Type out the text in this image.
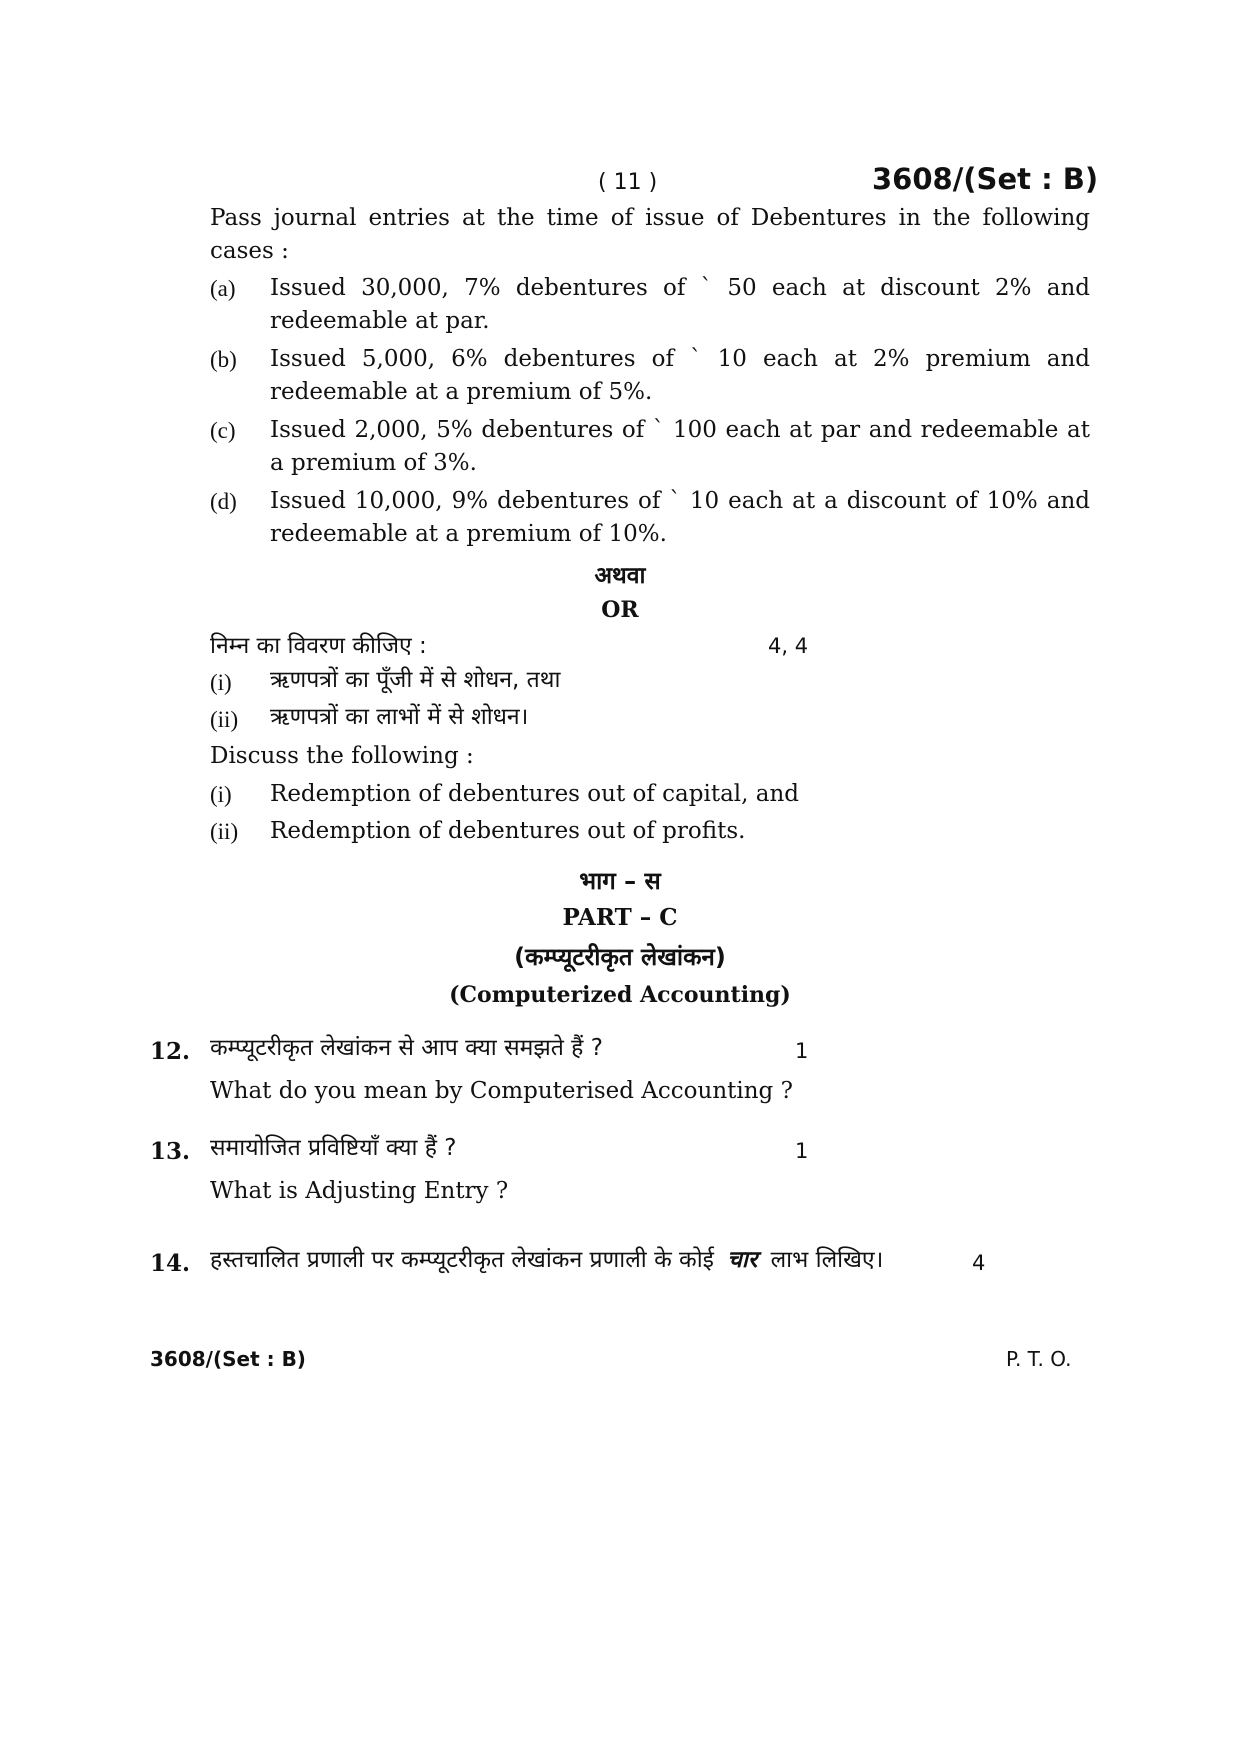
( 11 )	3608/(Set : B)
Pass journal entries at the time of issue of Debentures in the following cases :
(a) Issued 30,000, 7% debentures of ` 50 each at discount 2% and redeemable at par.
(b) Issued 5,000, 6% debentures of ` 10 each at 2% premium and redeemable at a premium of 5%.
(c) Issued 2,000, 5% debentures of ` 100 each at par and redeemable at a premium of 3%.
(d) Issued 10,000, 9% debentures of ` 10 each at a discount of 10% and redeemable at a premium of 10%.
अथवा
OR
निम्न का विवरण कीजिए :	4, 4
(i) ऋणपत्रों का पूँजी में से शोधन, तथा
(ii) ऋणपत्रों का लाभों में से शोधन।
Discuss the following :
(i) Redemption of debentures out of capital, and
(ii) Redemption of debentures out of profits.
भाग – स
PART – C
(कम्प्यूटरीकृत लेखांकन)
(Computerized Accounting)
12. कम्प्यूटरीकृत लेखांकन से आप क्या समझते हैं ?	1
What do you mean by Computerised Accounting ?
13. समायोजित प्रविष्टियाँ क्या हैं ?	1
What is Adjusting Entry ?
14. हस्तचालित प्रणाली पर कम्प्यूटरीकृत लेखांकन प्रणाली के कोई चार लाभ लिखिए।	4
3608/(Set : B)	P. T. O.
